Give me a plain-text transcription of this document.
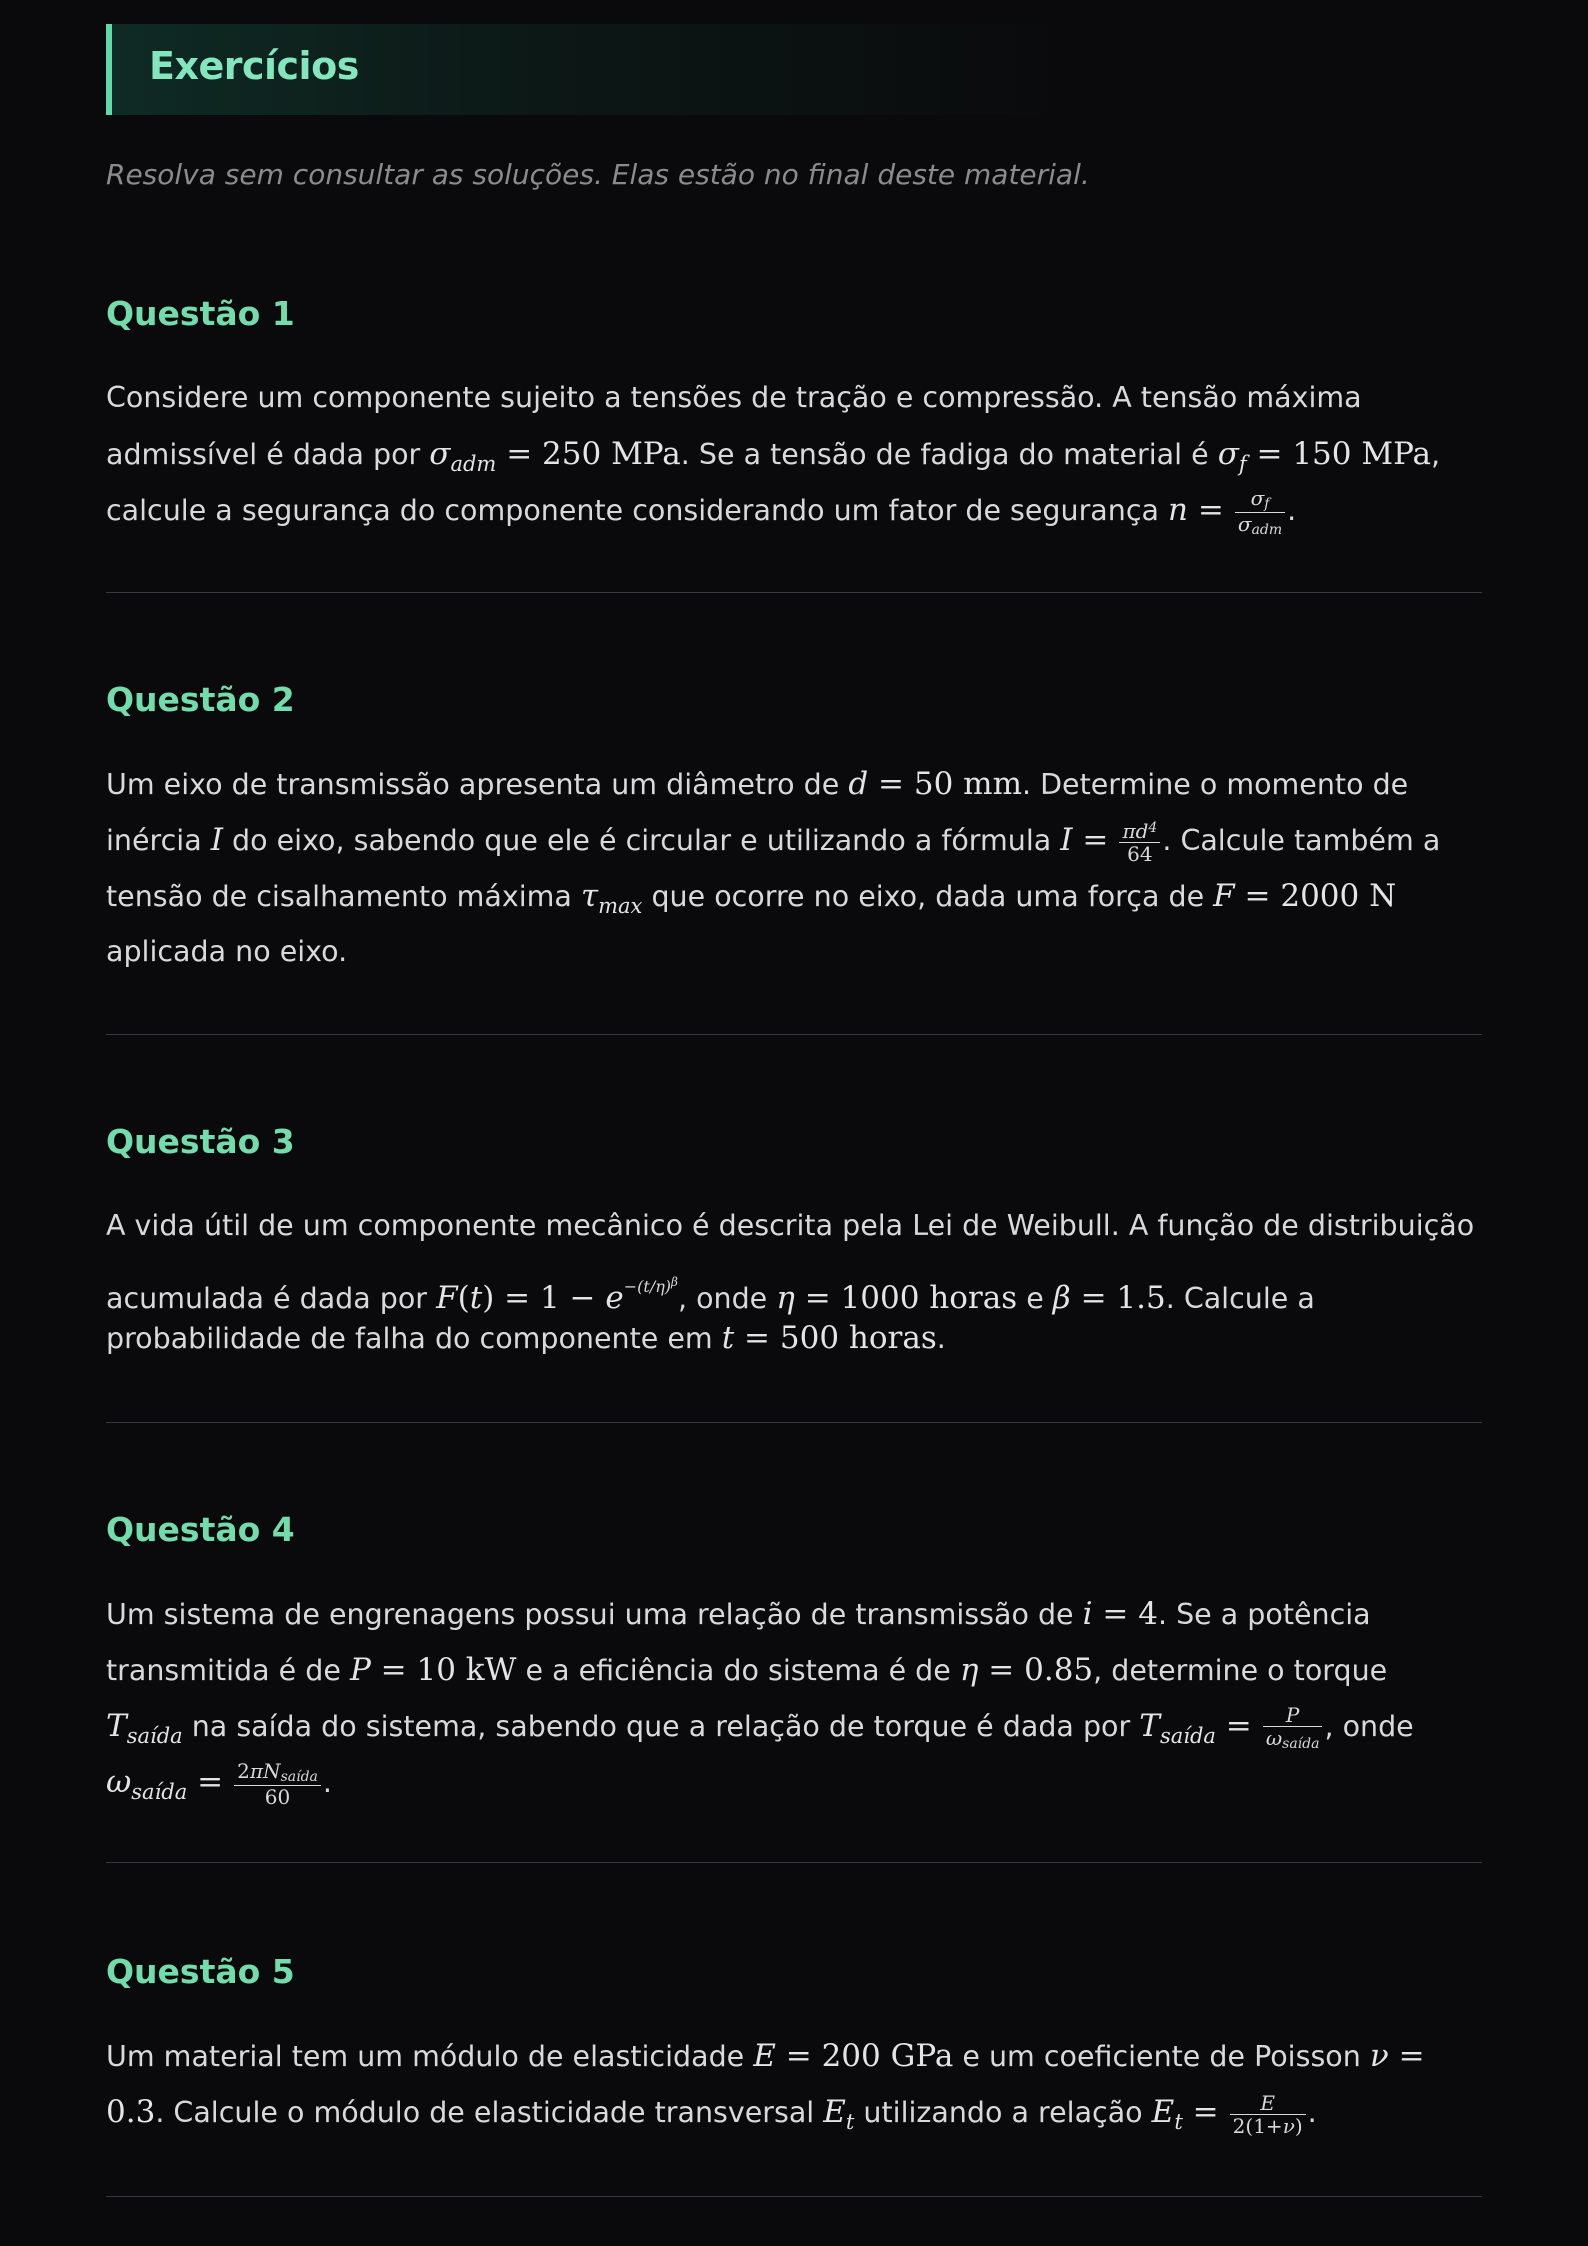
Exercícios
Resolva sem consultar as soluções. Elas estão no final deste material.
Questão 1
Considere um componente sujeito a tensões de tração e compressão. A tensão máxima
admissível é dada por $\sigma_{adm} = 250$ MPa. Se a tensão de fadiga do material é $\sigma_f = 150$ MPa,
calcule a segurança do componente considerando um fator de segurança $n = \frac{\sigma f}{\text{σadm}}$ .
Questão 2
Um eixo de transmissão apresenta um diâmetro de d = 50 mm. Determine o momento de
inércia I do eixo, sabendo que ele é circular e utilizando a fórmula $I = \frac{\pi d^4}{64}$ . Calcule também a
tensão de cisalhamento máxima $\tau_{max}$ que ocorre no eixo, dada uma força de F = 2000 N
aplicada no eixo.
Questão 3
A vida útil de um componente mecânico é descrita pela Lei de Weibull. A função de distribuição
acumulada é dada por $F(t) = 1 - e^{-(t/\eta)^\beta}$, onde η = 1000 horas e β = 1.5. Calcule a
probabilidade de falha do componente em t = 500 horas.
Questão 4
Um sistema de engrenagens possui uma relação de transmissão de i = 4. Se a potência
transmitida é de P = 10 kW e a eficiência do sistema é de η = 0.85, determine o torque
$T_{saída}$ na saída do sistema, sabendo que a relação de torque é dada por $T_{saída} = \frac{P}{\text{ωsaída}}$ , onde
$\omega_{saída} = \frac{\text{2πNsaída}}{60}$ .
Questão 5
Um material tem um módulo de elasticidade E = 200 GPa e um coeficiente de Poisson ν =
0.3. Calcule o módulo de elasticidade transversal $E_t$ utilizando a relação $E_t = \frac{E}{2(1+\nu)}$ .
